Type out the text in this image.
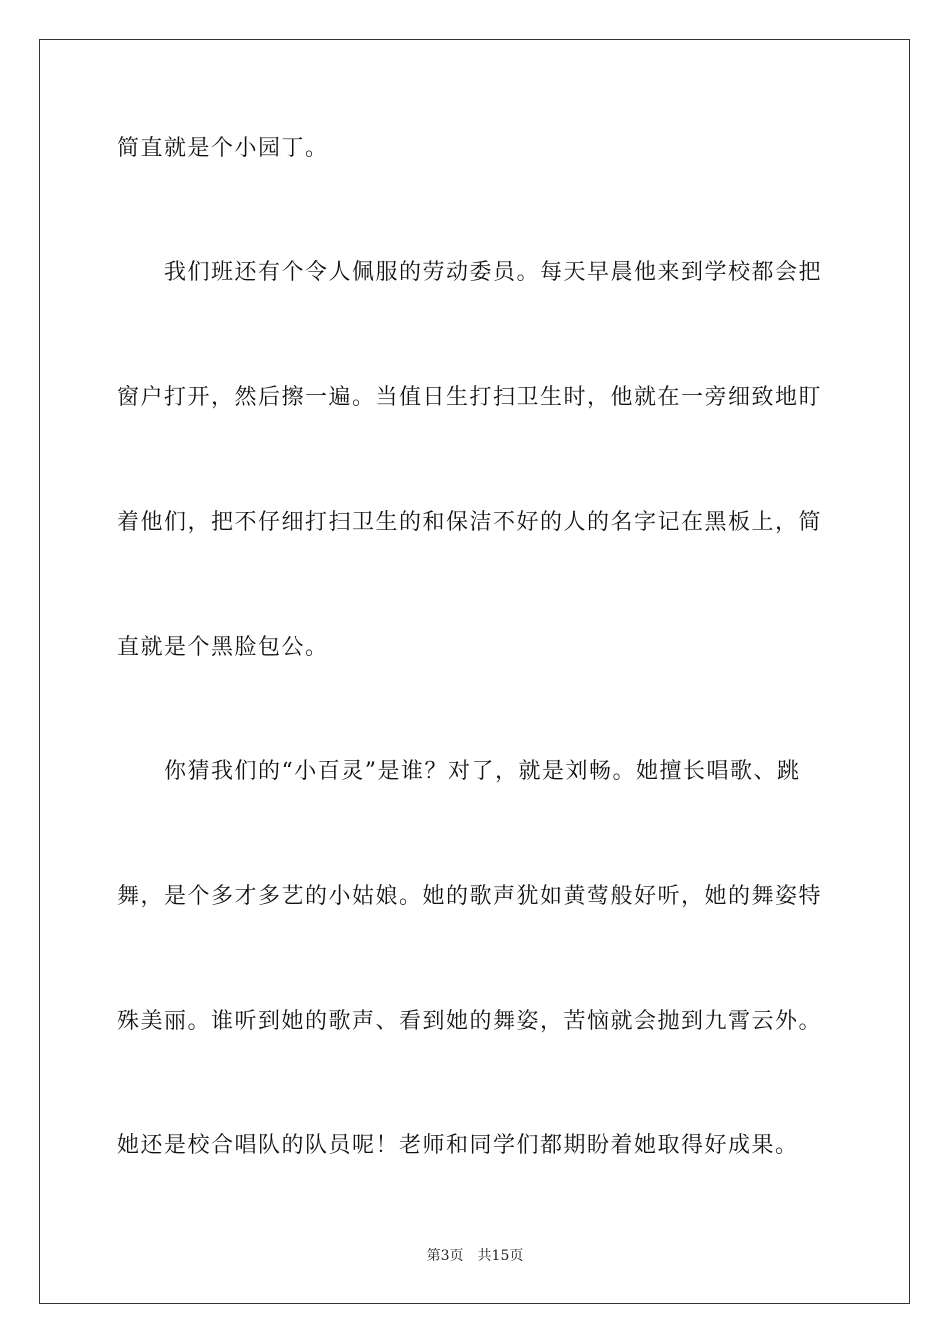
简直就是个小园丁。
　　我们班还有个令人佩服的劳动委员。每天早晨他来到学校都会把
窗户打开，然后擦一遍。当值日生打扫卫生时，他就在一旁细致地盯
着他们，把不仔细打扫卫生的和保洁不好的人的名字记在黑板上，简
直就是个黑脸包公。
　　你猜我们的“小百灵”是谁？对了，就是刘畅。她擅长唱歌、跳
舞，是个多才多艺的小姑娘。她的歌声犹如黄莺般好听，她的舞姿特
殊美丽。谁听到她的歌声、看到她的舞姿，苦恼就会抛到九霄云外。
她还是校合唱队的队员呢！老师和同学们都期盼着她取得好成果。
第3页 共15页
